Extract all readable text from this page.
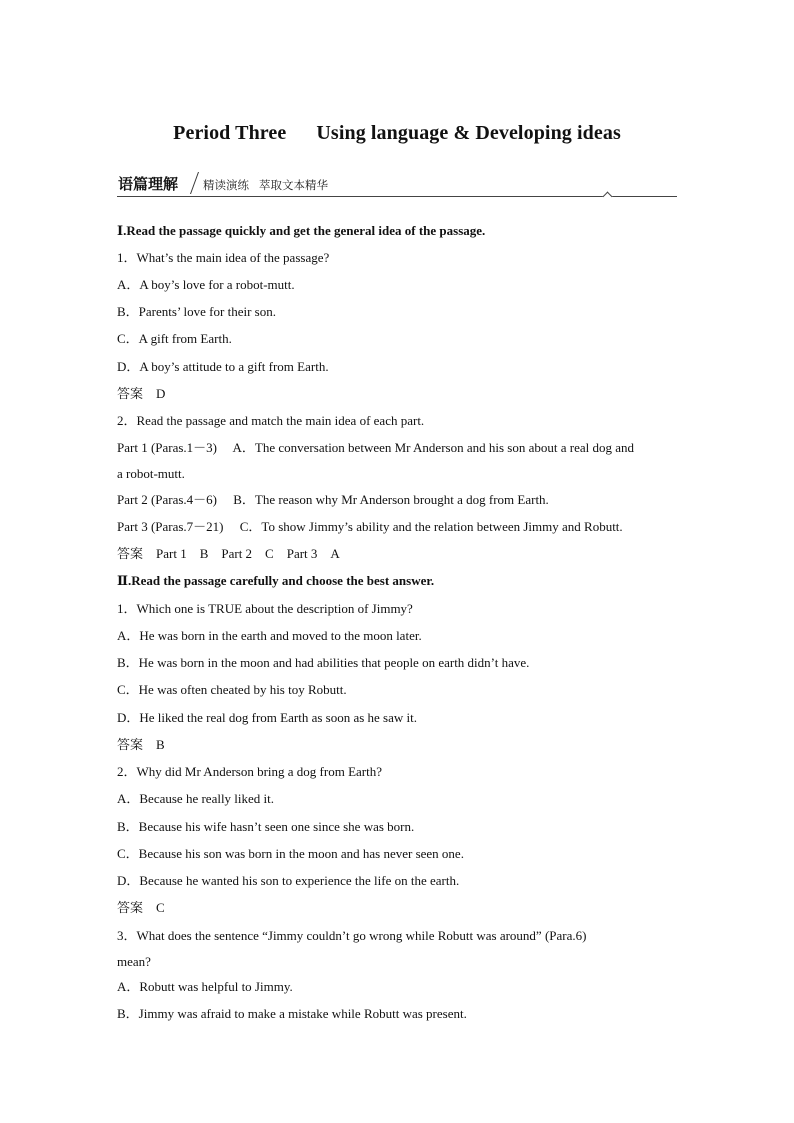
Period Three Using language & Developing ideas
语篇理解 精读演练 萃取文本精华
Ⅰ.Read the passage quickly and get the general idea of the passage.
1．What’s the main idea of the passage?
A．A boy’s love for a robot-mutt.
B．Parents’ love for their son.
C．A gift from Earth.
D．A boy’s attitude to a gift from Earth.
答案　D
2．Read the passage and match the main idea of each part.
Part 1 (Paras.1－3)　 A．The conversation between Mr Anderson and his son about a real dog and
a robot-mutt.
Part 2 (Paras.4－6)　 B．The reason why Mr Anderson brought a dog from Earth.
Part 3 (Paras.7－21)　 C．To show Jimmy’s ability and the relation between Jimmy and Robutt.
答案　Part 1　B　Part 2　C　Part 3　A
Ⅱ.Read the passage carefully and choose the best answer.
1．Which one is TRUE about the description of Jimmy?
A．He was born in the earth and moved to the moon later.
B．He was born in the moon and had abilities that people on earth didn’t have.
C．He was often cheated by his toy Robutt.
D．He liked the real dog from Earth as soon as he saw it.
答案　B
2．Why did Mr Anderson bring a dog from Earth?
A．Because he really liked it.
B．Because his wife hasn’t seen one since she was born.
C．Because his son was born in the moon and has never seen one.
D．Because he wanted his son to experience the life on the earth.
答案　C
3．What does the sentence “Jimmy couldn’t go wrong while Robutt was around” (Para.6)
mean?
A．Robutt was helpful to Jimmy.
B．Jimmy was afraid to make a mistake while Robutt was present.
